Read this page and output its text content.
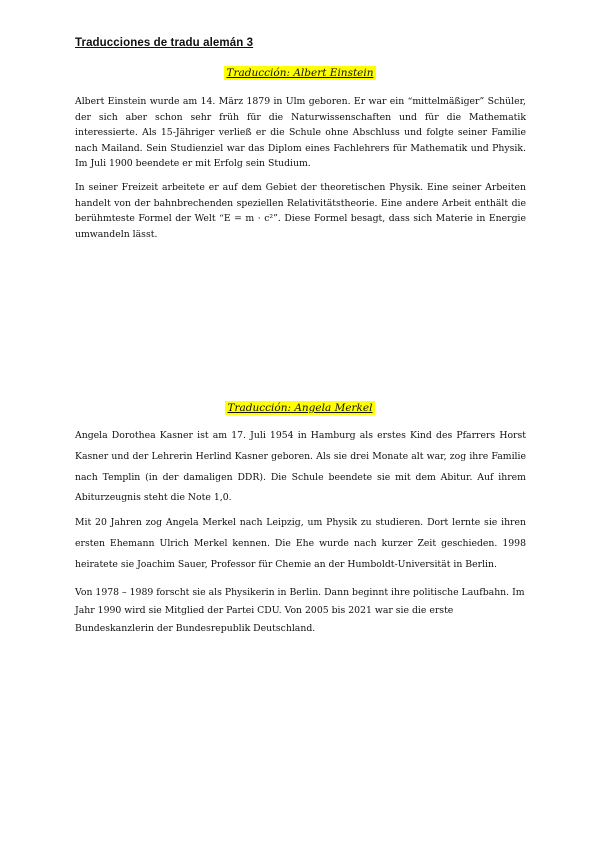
Traducciones de tradu alemán 3
Traducción: Albert Einstein

Albert Einstein wurde am 14. März 1879 in Ulm geboren. Er war ein “mittelmäßiger” Schüler, der sich aber schon sehr früh für die Naturwissenschaften und für die Mathematik interessierte. Als 15-Jähriger verließ er die Schule ohne Abschluss und folgte seiner Familie nach Mailand. Sein Studienziel war das Diplom eines Fachlehrers für Mathematik und Physik. Im Juli 1900 beendete er mit Erfolg sein Studium.

In seiner Freizeit arbeitete er auf dem Gebiet der theoretischen Physik. Eine seiner Arbeiten handelt von der bahnbrechenden speziellen Relativitätstheorie. Eine andere Arbeit enthält die berühmteste Formel der Welt “E = m · c²”. Diese Formel besagt, dass sich Materie in Energie umwandeln lässt.

Traducción: Angela Merkel

Angela Dorothea Kasner ist am 17. Juli 1954 in Hamburg als erstes Kind des Pfarrers Horst Kasner und der Lehrerin Herlind Kasner geboren. Als sie drei Monate alt war, zog ihre Familie nach Templin (in der damaligen DDR). Die Schule beendete sie mit dem Abitur. Auf ihrem Abiturzeugnis steht die Note 1,0.

Mit 20 Jahren zog Angela Merkel nach Leipzig, um Physik zu studieren. Dort lernte sie ihren ersten Ehemann Ulrich Merkel kennen. Die Ehe wurde nach kurzer Zeit geschieden. 1998 heiratete sie Joachim Sauer, Professor für Chemie an der Humboldt-Universität in Berlin.

Von 1978 – 1989 forscht sie als Physikerin in Berlin. Dann beginnt ihre politische Laufbahn. Im Jahr 1990 wird sie Mitglied der Partei CDU. Von 2005 bis 2021 war sie die erste Bundeskanzlerin der Bundesrepublik Deutschland.
